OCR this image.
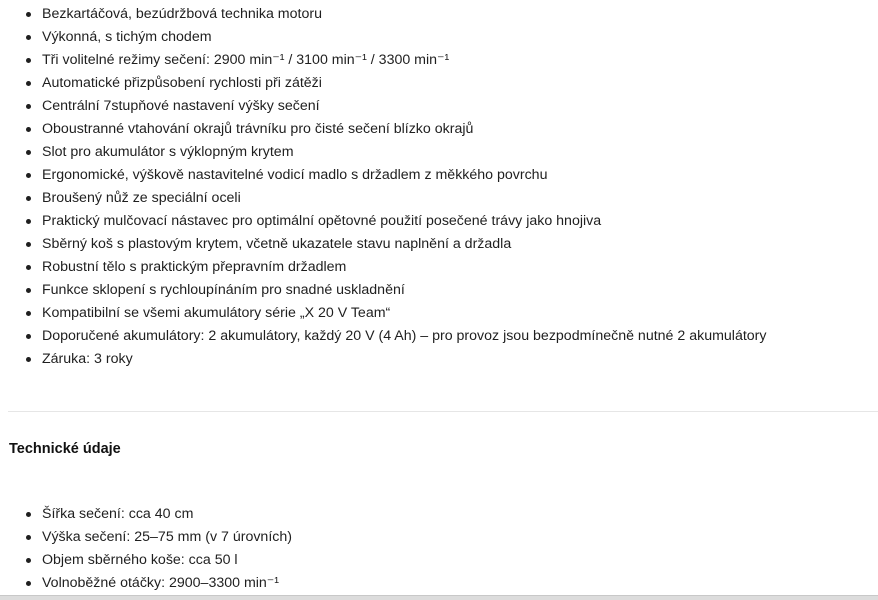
Bezkartáčová, bezúdržbová technika motoru
Výkonná, s tichým chodem
Tři volitelné režimy sečení: 2900 min⁻¹ / 3100 min⁻¹ / 3300 min⁻¹
Automatické přizpůsobení rychlosti při zátěži
Centrální 7stupňové nastavení výšky sečení
Oboustranné vtahování okrajů trávníku pro čisté sečení blízko okrajů
Slot pro akumulátor s výklopným krytem
Ergonomické, výškově nastavitelné vodicí madlo s držadlem z měkkého povrchu
Broušený nůž ze speciální oceli
Praktický mulčovací nástavec pro optimální opětovné použití posečené trávy jako hnojiva
Sběrný koš s plastovým krytem, včetně ukazatele stavu naplnění a držadla
Robustní tělo s praktickým přepravním držadlem
Funkce sklopení s rychloupínáním pro snadné uskladnění
Kompatibilní se všemi akumulátory série „X 20 V Team“
Doporučené akumulátory: 2 akumulátory, každý 20 V (4 Ah) – pro provoz jsou bezpodmínečně nutné 2 akumulátory
Záruka: 3 roky
Technické údaje
Šířka sečení: cca 40 cm
Výška sečení: 25–75 mm (v 7 úrovních)
Objem sběrného koše: cca 50 l
Volnoběžné otáčky: 2900–3300 min⁻¹
